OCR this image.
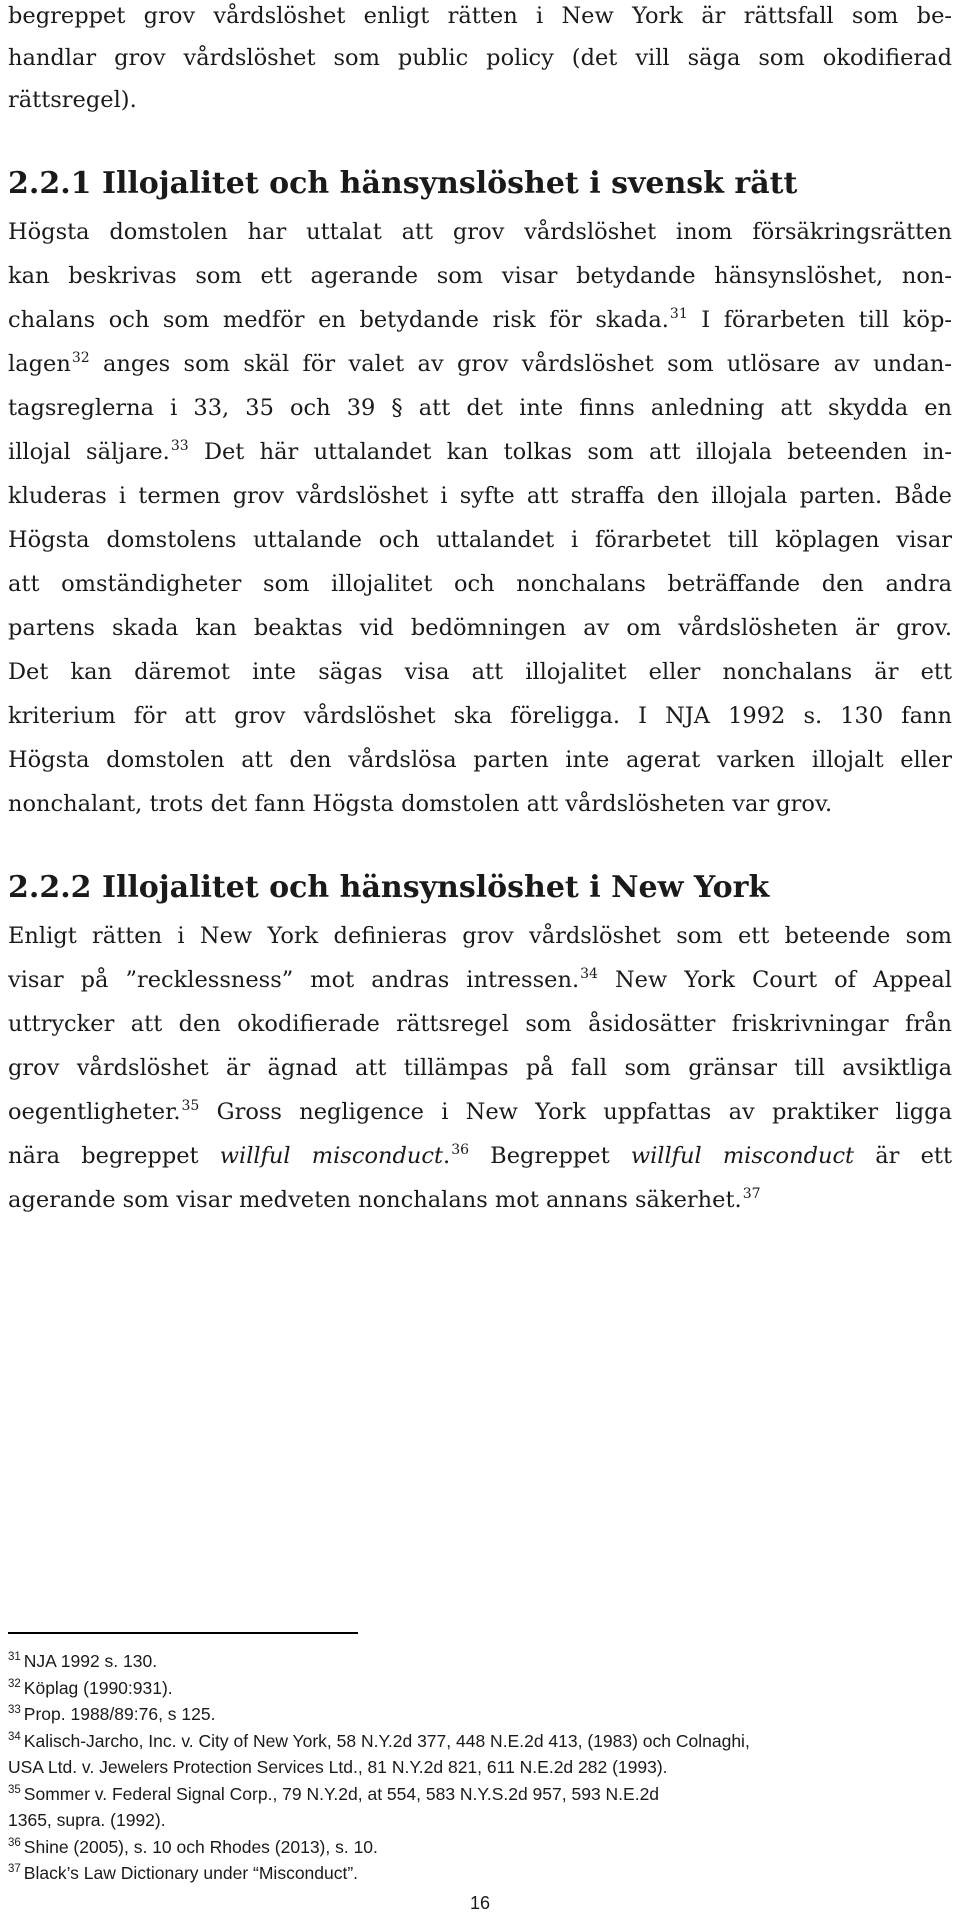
begreppet grov vårdslöshet enligt rätten i New York är rättsfall som be-
handlar grov vårdslöshet som public policy (det vill säga som okodifierad
rättsregel).
2.2.1 Illojalitet och hänsynslöshet i svensk rätt
Högsta domstolen har uttalat att grov vårdslöshet inom försäkringsrätten
kan beskrivas som ett agerande som visar betydande hänsynslöshet, non-
chalans och som medför en betydande risk för skada.$^{31}$ I förarbeten till köp-
lagen$^{32}$ anges som skäl för valet av grov vårdslöshet som utlösare av undan-
tagsreglerna i 33, 35 och 39 § att det inte finns anledning att skydda en
illojal säljare.$^{33}$ Det här uttalandet kan tolkas som att illojala beteenden in-
kluderas i termen grov vårdslöshet i syfte att straffa den illojala parten. Både
Högsta domstolens uttalande och uttalandet i förarbetet till köplagen visar
att omständigheter som illojalitet och nonchalans beträffande den andra
partens skada kan beaktas vid bedömningen av om vårdslösheten är grov.
Det kan däremot inte sägas visa att illojalitet eller nonchalans är ett
kriterium för att grov vårdslöshet ska föreligga. I NJA 1992 s. 130 fann
Högsta domstolen att den vårdslösa parten inte agerat varken illojalt eller
nonchalant, trots det fann Högsta domstolen att vårdslösheten var grov.
2.2.2 Illojalitet och hänsynslöshet i New York
Enligt rätten i New York definieras grov vårdslöshet som ett beteende som
visar på ”recklessness” mot andras intressen.$^{34}$ New York Court of Appeal
uttrycker att den okodifierade rättsregel som åsidosätter friskrivningar från
grov vårdslöshet är ägnad att tillämpas på fall som gränsar till avsiktliga
oegentligheter.$^{35}$ Gross negligence i New York uppfattas av praktiker ligga
nära begreppet willful misconduct.$^{36}$ Begreppet willful misconduct är ett
agerande som visar medveten nonchalans mot annans säkerhet.$^{37}$
$^{31}$ NJA 1992 s. 130.
$^{32}$ Köplag (1990:931).
$^{33}$ Prop. 1988/89:76, s 125.
$^{34}$ Kalisch-Jarcho, Inc. v. City of New York, 58 N.Y.2d 377, 448 N.E.2d 413, (1983) och Colnaghi,
USA Ltd. v. Jewelers Protection Services Ltd., 81 N.Y.2d 821, 611 N.E.2d 282 (1993).
$^{35}$ Sommer v. Federal Signal Corp., 79 N.Y.2d, at 554, 583 N.Y.S.2d 957, 593 N.E.2d
1365, supra. (1992).
$^{36}$ Shine (2005), s. 10 och Rhodes (2013), s. 10.
$^{37}$ Black’s Law Dictionary under “Misconduct”.
16
